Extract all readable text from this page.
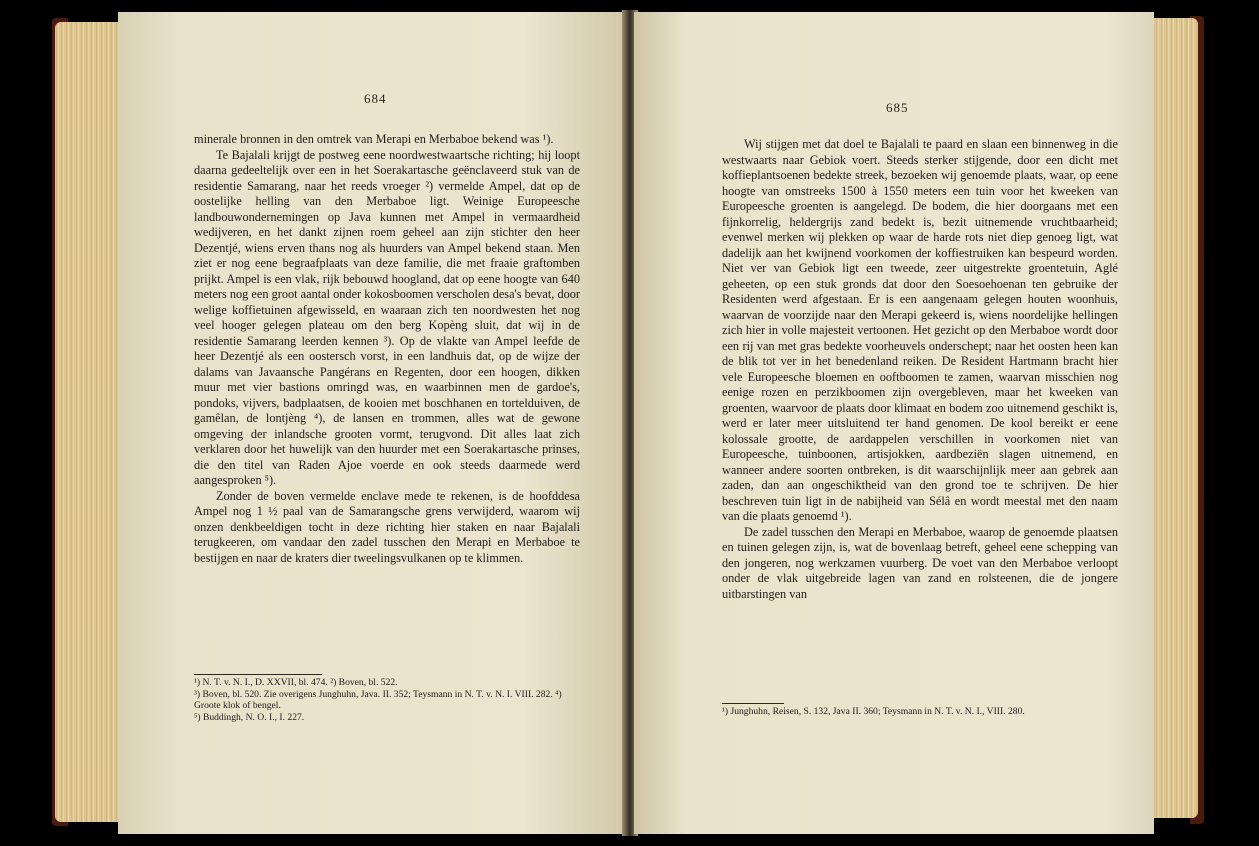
684

minerale bronnen in den omtrek van Merapi en Merbaboe bekend was ¹).

Te Bajalali krijgt de postweg eene noordwestwaartsche richting; hij loopt daarna gedeeltelijk over een in het Soerakartasche geënclaveerd stuk van de residentie Samarang, naar het reeds vroeger ²) vermelde Ampel, dat op de oostelijke helling van den Merbaboe ligt. Weinige Europeesche landbouwondernemingen op Java kunnen met Ampel in vermaardheid wedijveren, en het dankt zijnen roem geheel aan zijn stichter den heer Dezentjé, wiens erven thans nog als huurders van Ampel bekend staan. Men ziet er nog eene begraafplaats van deze familie, die met fraaie graftomben prijkt. Ampel is een vlak, rijk bebouwd hoogland, dat op eene hoogte van 640 meters nog een groot aantal onder kokosboomen verscholen desa's bevat, door welige koffietuinen afgewisseld, en waaraan zich ten noordwesten het nog veel hooger gelegen plateau om den berg Kopèng sluit, dat wij in de residentie Samarang leerden kennen ³). Op de vlakte van Ampel leefde de heer Dezentjé als een oostersch vorst, in een landhuis dat, op de wijze der dalams van Javaansche Pangérans en Regenten, door een hoogen, dikken muur met vier bastions omringd was, en waarbinnen men de gardoe's, pondoks, vijvers, badplaatsen, de kooien met boschhanen en tortelduiven, de gamêlan, de lontjèng ⁴), de lansen en trommen, alles wat de gewone omgeving der inlandsche grooten vormt, terugvond. Dit alles laat zich verklaren door het huwelijk van den huurder met een Soerakartasche prinses, die den titel van Raden Ajoe voerde en ook steeds daarmede werd aangesproken ⁵).

Zonder de boven vermelde enclave mede te rekenen, is de hoofddesa Ampel nog 1 ½ paal van de Samarangsche grens verwijderd, waarom wij onzen denkbeeldigen tocht in deze richting hier staken en naar Bajalali terugkeeren, om vandaar den zadel tusschen den Merapi en Merbaboe te bestijgen en naar de kraters dier tweelingsvulkanen op te klimmen.

¹) N. T. v. N. I., D. XXVII, bl. 474. ²) Boven, bl. 522.
³) Boven, bl. 520. Zie overigens Junghuhn, Java. II. 352; Teysmann in N. T. v. N. I. VIII. 282. ⁴) Groote klok of bengel.
⁵) Buddingh, N. O. I., I. 227.
685

Wij stijgen met dat doel te Bajalali te paard en slaan een binnenweg in die westwaarts naar Gebiok voert. Steeds sterker stijgende, door een dicht met koffieplantsoenen bedekte streek, bezoeken wij genoemde plaats, waar, op eene hoogte van omstreeks 1500 à 1550 meters een tuin voor het kweeken van Europeesche groenten is aangelegd. De bodem, die hier doorgaans met een fijnkorrelig, heldergrijs zand bedekt is, bezit uitnemende vruchtbaarheid; evenwel merken wij plekken op waar de harde rots niet diep genoeg ligt, wat dadelijk aan het kwijnend voorkomen der koffiestruiken kan bespeurd worden. Niet ver van Gebiok ligt een tweede, zeer uitgestrekte groentetuin, Aglé geheeten, op een stuk gronds dat door den Soesoehoenan ten gebruike der Residenten werd afgestaan. Er is een aangenaam gelegen houten woonhuis, waarvan de voorzijde naar den Merapi gekeerd is, wiens noordelijke hellingen zich hier in volle majesteit vertoonen. Het gezicht op den Merbaboe wordt door een rij van met gras bedekte voorheuvels onderschept; naar het oosten heen kan de blik tot ver in het benedenland reiken. De Resident Hartmann bracht hier vele Europeesche bloemen en ooftboomen te zamen, waarvan misschien nog eenige rozen en perzikboomen zijn overgebleven, maar het kweeken van groenten, waarvoor de plaats door klimaat en bodem zoo uitnemend geschikt is, werd er later meer uitsluitend ter hand genomen. De kool bereikt er eene kolossale grootte, de aardappelen verschillen in voorkomen niet van Europeesche, tuinboonen, artisjokken, aardbeziën slagen uitnemend, en wanneer andere soorten ontbreken, is dit waarschijnlijk meer aan gebrek aan zaden, dan aan ongeschiktheid van den grond toe te schrijven. De hier beschreven tuin ligt in de nabijheid van Sélâ en wordt meestal met den naam van die plaats genoemd ¹).

De zadel tusschen den Merapi en Merbaboe, waarop de genoemde plaatsen en tuinen gelegen zijn, is, wat de bovenlaag betreft, geheel eene schepping van den jongeren, nog werkzamen vuurberg. De voet van den Merbaboe verloopt onder de vlak uitgebreide lagen van zand en rolsteenen, die de jongere uitbarstingen van

¹) Junghuhn, Reisen, S. 132, Java II. 360; Teysmann in N. T. v. N. I., VIII. 280.
